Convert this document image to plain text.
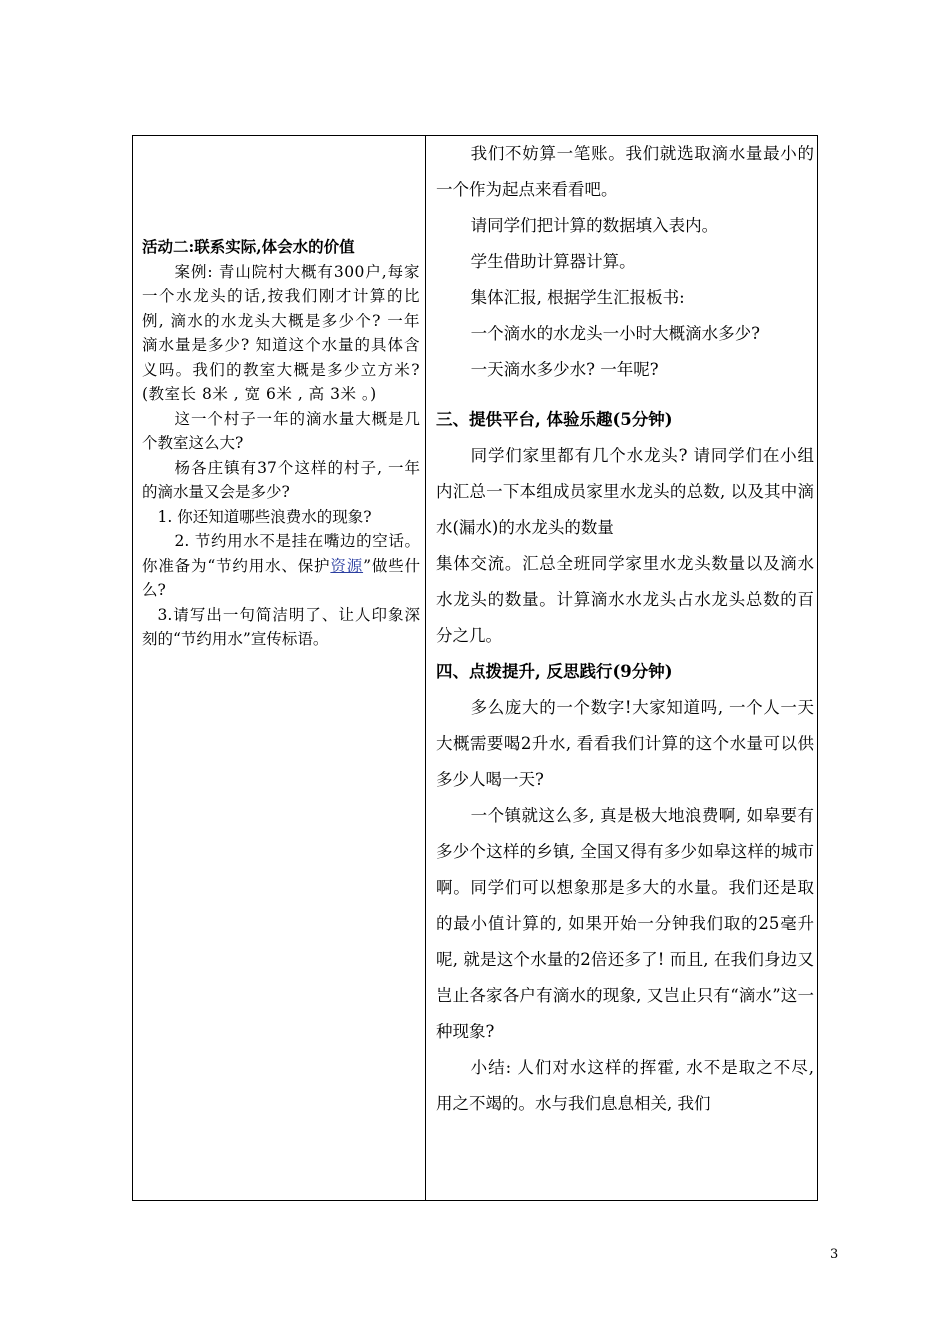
活动二:联系实际,体会水的价值

案例: 青山院村大概有300户,每家一个水龙头的话,按我们刚才计算的比例, 滴水的水龙头大概是多少个? 一年滴水量是多少? 知道这个水量的具体含义吗。我们的教室大概是多少立方米?(教室长 8米 , 宽 6米 , 高 3米 。)

这一个村子一年的滴水量大概是几个教室这么大?

杨各庄镇有37个这样的村子, 一年的滴水量又会是多少?

1. 你还知道哪些浪费水的现象?

2. 节约用水不是挂在嘴边的空话。你准备为“节约用水、保护资源”做些什么?

3.请写出一句简洁明了、让人印象深刻的“节约用水”宣传标语。

我们不妨算一笔账。我们就选取滴水量最小的一个作为起点来看看吧。

请同学们把计算的数据填入表内。

学生借助计算器计算。

集体汇报, 根据学生汇报板书:

一个滴水的水龙头一小时大概滴水多少?

一天滴水多少水? 一年呢?

三、提供平台, 体验乐趣(5分钟)

同学们家里都有几个水龙头? 请同学们在小组内汇总一下本组成员家里水龙头的总数, 以及其中滴水(漏水)的水龙头的数量

集体交流。汇总全班同学家里水龙头数量以及滴水水龙头的数量。计算滴水水龙头占水龙头总数的百分之几。

四、点拨提升, 反思践行(9分钟)

多么庞大的一个数字!大家知道吗, 一个人一天大概需要喝2升水, 看看我们计算的这个水量可以供多少人喝一天?

一个镇就这么多, 真是极大地浪费啊, 如皋要有多少个这样的乡镇, 全国又得有多少如皋这样的城市啊。同学们可以想象那是多大的水量。我们还是取的最小值计算的, 如果开始一分钟我们取的25毫升呢, 就是这个水量的2倍还多了! 而且, 在我们身边又岂止各家各户有滴水的现象, 又岂止只有“滴水”这一种现象?

小结: 人们对水这样的挥霍, 水不是取之不尽, 用之不竭的。水与我们息息相关, 我们

3
